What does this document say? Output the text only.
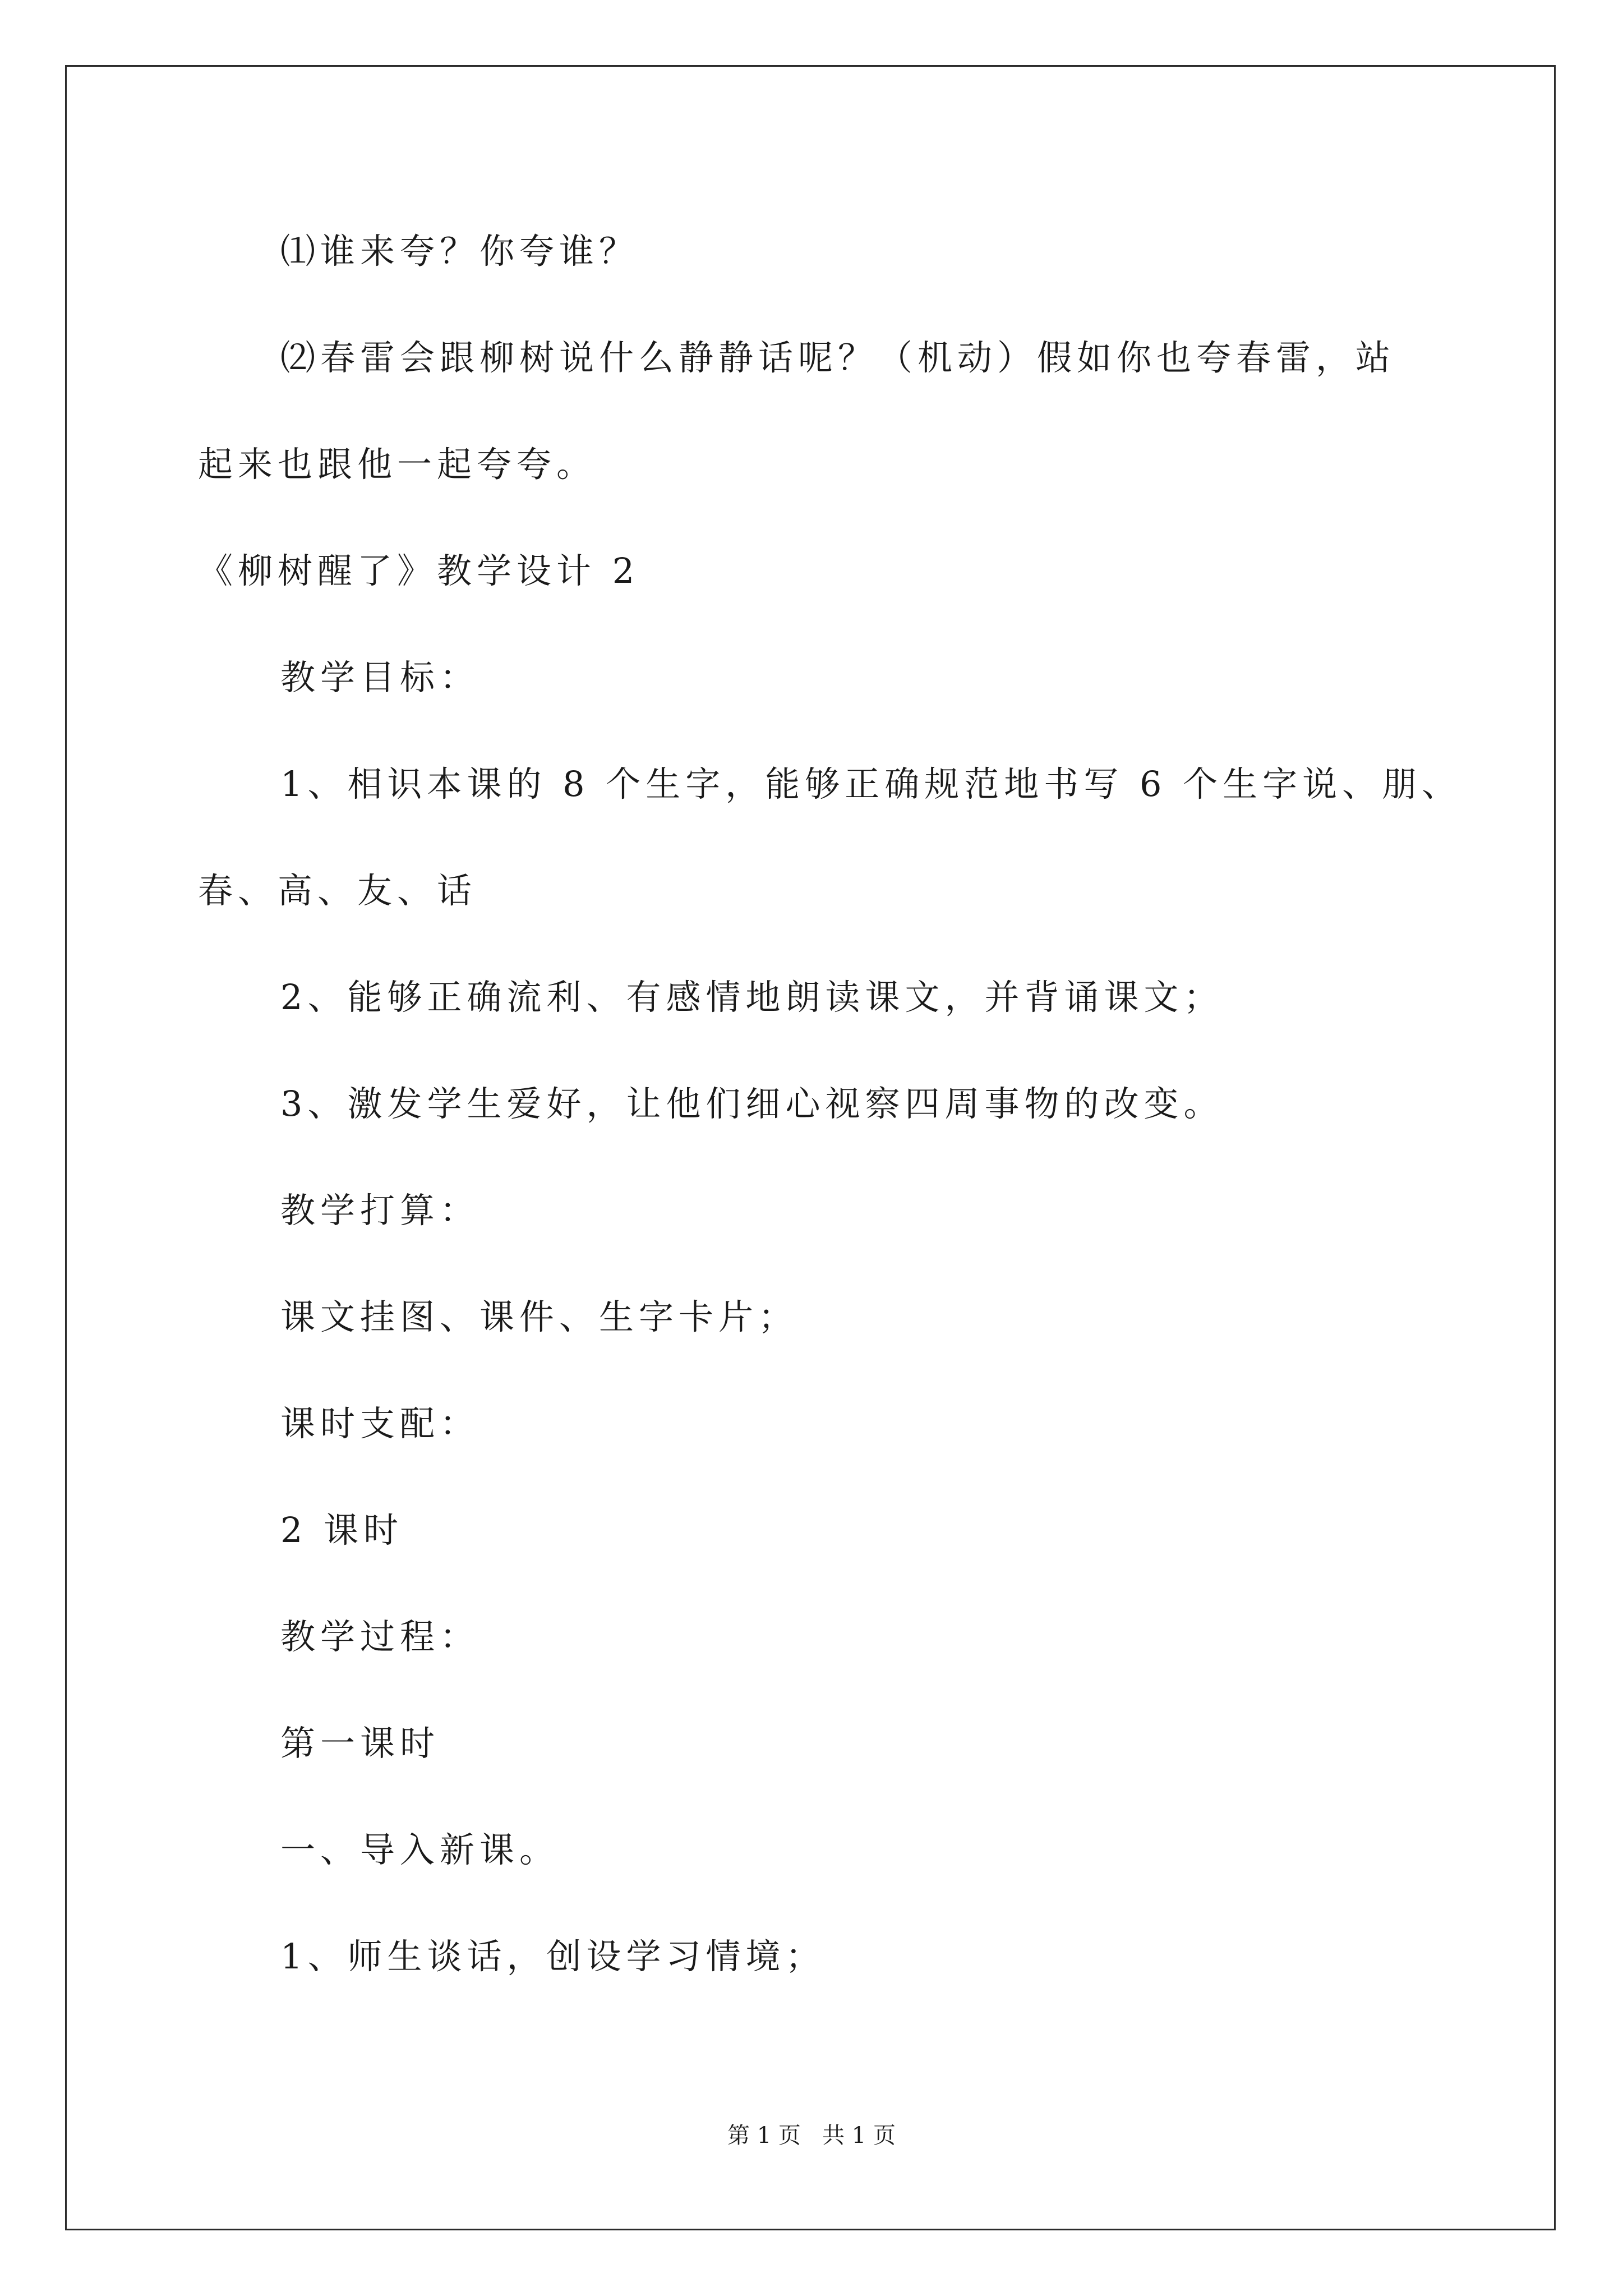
⑴谁来夸？你夸谁？
⑵春雷会跟柳树说什么静静话呢？（机动）假如你也夸春雷，站
起来也跟他一起夸夸。
《柳树醒了》教学设计 2
教学目标：
1、相识本课的 8 个生字，能够正确规范地书写 6 个生字说、朋、
春、高、友、话
2、能够正确流利、有感情地朗读课文，并背诵课文；
3、激发学生爱好，让他们细心视察四周事物的改变。
教学打算：
课文挂图、课件、生字卡片；
课时支配：
2 课时
教学过程：
第一课时
一、导入新课。
1、师生谈话，创设学习情境；
第 1 页   共 1 页
